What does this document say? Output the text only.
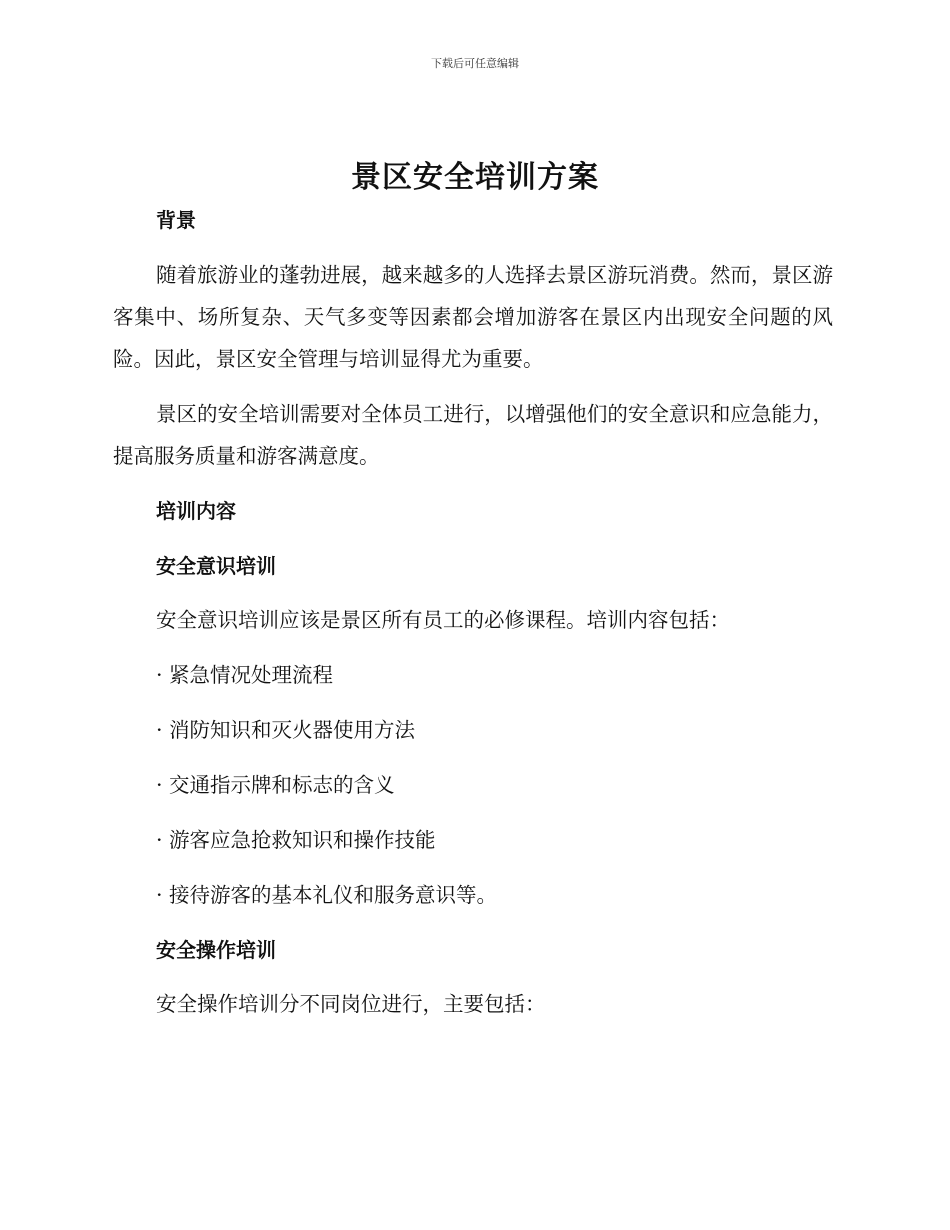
下载后可任意编辑
景区安全培训方案
背景

随着旅游业的蓬勃进展，越来越多的人选择去景区游玩消费。然而，景区游客集中、场所复杂、天气多变等因素都会增加游客在景区内出现安全问题的风险。因此，景区安全管理与培训显得尤为重要。

景区的安全培训需要对全体员工进行，以增强他们的安全意识和应急能力，提高服务质量和游客满意度。

培训内容
安全意识培训
安全意识培训应该是景区所有员工的必修课程。培训内容包括：
· 紧急情况处理流程
· 消防知识和灭火器使用方法
· 交通指示牌和标志的含义
· 游客应急抢救知识和操作技能
· 接待游客的基本礼仪和服务意识等。
安全操作培训
安全操作培训分不同岗位进行，主要包括：
